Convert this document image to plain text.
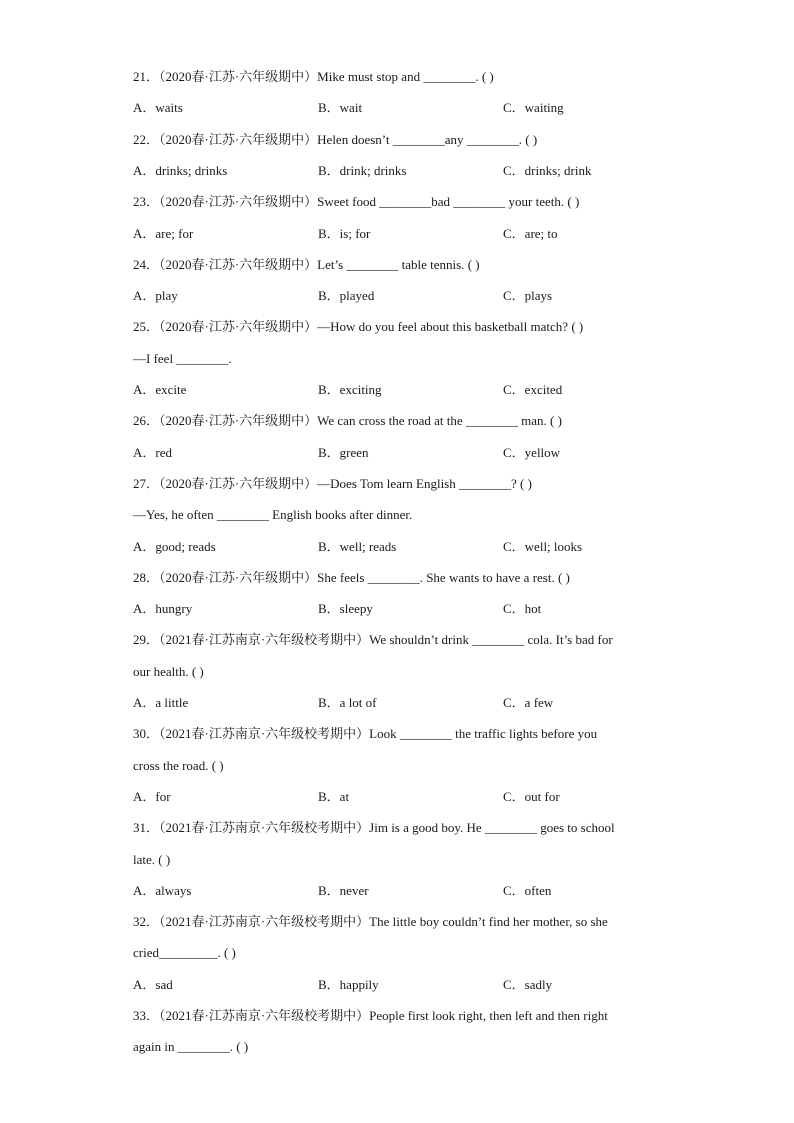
21．（2020春·江苏·六年级期中）Mike must stop and ________. ( )
A．waits	B．wait	C．waiting
22．（2020春·江苏·六年级期中）Helen doesn’t ________any ________. ( )
A．drinks; drinks	B．drink; drinks	C．drinks; drink
23．（2020春·江苏·六年级期中）Sweet food ________bad ________ your teeth. ( )
A．are; for	B．is; for	C．are; to
24．（2020春·江苏·六年级期中）Let’s ________ table tennis. ( )
A．play	B．played	C．plays
25．（2020春·江苏·六年级期中）—How do you feel about this basketball match? ( )
—I feel ________.
A．excite	B．exciting	C．excited
26．（2020春·江苏·六年级期中）We can cross the road at the ________ man. ( )
A．red	B．green	C．yellow
27．（2020春·江苏·六年级期中）—Does Tom learn English ________? ( )
—Yes, he often ________ English books after dinner.
A．good; reads	B．well; reads	C．well; looks
28．（2020春·江苏·六年级期中）She feels ________. She wants to have a rest. ( )
A．hungry	B．sleepy	C．hot
29．（2021春·江苏南京·六年级校考期中）We shouldn’t drink ________ cola. It’s bad for
our health. ( )
A．a little	B．a lot of	C．a few
30．（2021春·江苏南京·六年级校考期中）Look ________ the traffic lights before you
cross the road. ( )
A．for	B．at	C．out for
31．（2021春·江苏南京·六年级校考期中）Jim is a good boy. He ________ goes to school
late. ( )
A．always	B．never	C．often
32．（2021春·江苏南京·六年级校考期中）The little boy couldn’t find her mother, so she
cried_________. ( )
A．sad	B．happily	C．sadly
33．（2021春·江苏南京·六年级校考期中）People first look right, then left and then right
again in ________. ( )
